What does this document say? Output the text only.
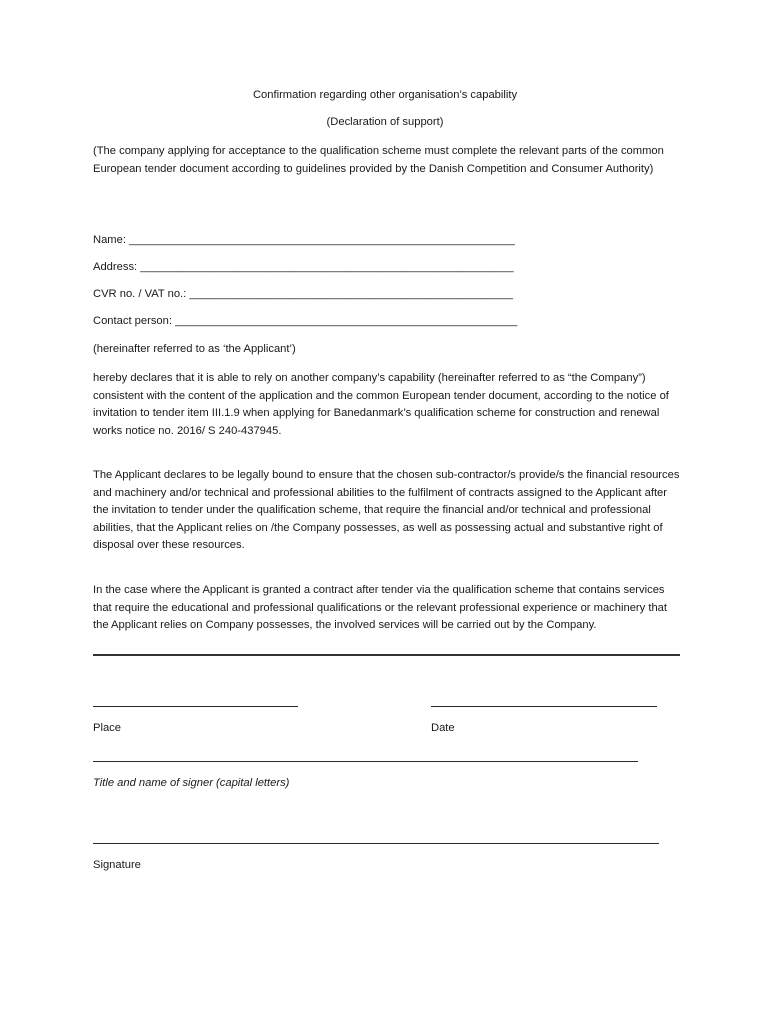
Confirmation regarding other organisation’s capability
(Declaration of support)
(The company applying for acceptance to the qualification scheme must complete the relevant parts of the common European tender document according to guidelines provided by the Danish Competition and Consumer Authority)
Name: ______________________________________________________________
Address: ____________________________________________________________
CVR no. / VAT no.: ____________________________________________________
Contact person: _______________________________________________________
(hereinafter referred to as ‘the Applicant’)
hereby declares that it is able to rely on another company’s capability (hereinafter referred to as “the Company”) consistent with the content of the application and the common European tender document, according to the notice of invitation to tender item III.1.9 when applying for Banedanmark’s qualification scheme for construction and renewal works notice no. 2016/ S 240-437945.
The Applicant declares to be legally bound to ensure that the chosen sub-contractor/s provide/s the financial resources and machinery and/or technical and professional abilities to the fulfilment of contracts assigned to the Applicant after the invitation to tender under the qualification scheme, that require the financial and/or technical and professional abilities, that the Applicant relies on /the Company possesses, as well as possessing actual and substantive right of disposal over these resources.
In the case where the Applicant is granted a contract after tender via the qualification scheme that contains services that require the educational and professional qualifications or the relevant professional experience or machinery that the Applicant relies on Company possesses, the involved services will be carried out by the Company.
Place	Date
Title and name of signer (capital letters)
Signature
